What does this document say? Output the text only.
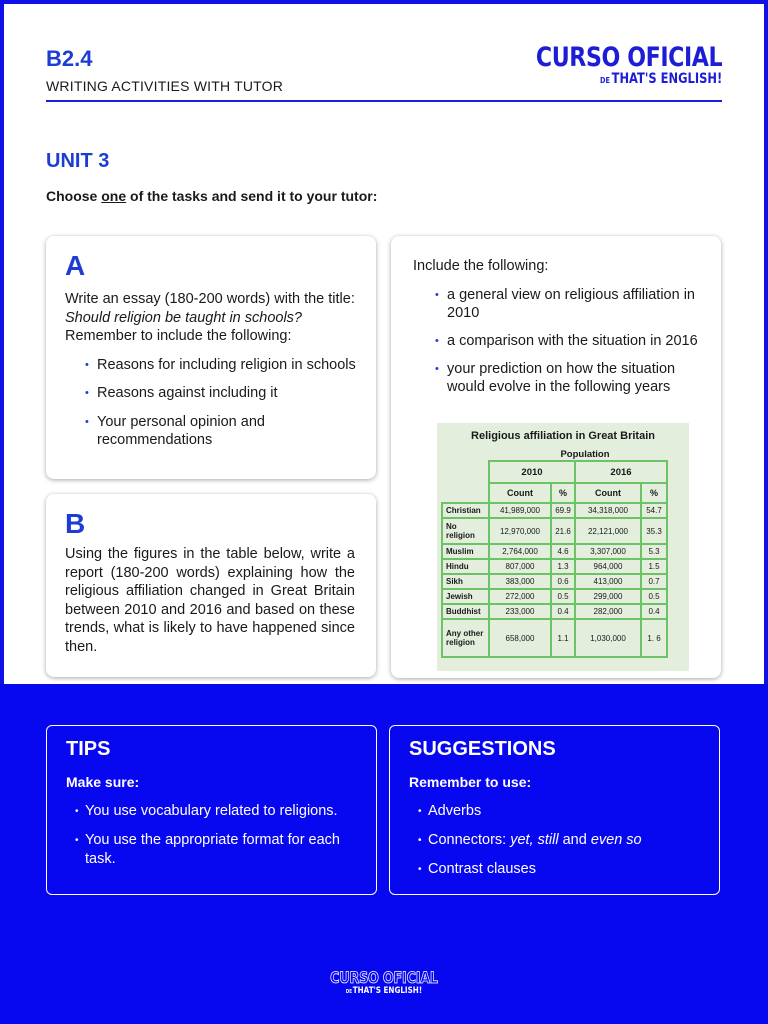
B2.4
WRITING ACTIVITIES WITH TUTOR
CURSO OFICIAL
DE THAT'S ENGLISH!
UNIT 3
Choose one of the tasks and send it to your tutor:
A
Write an essay (180-200 words) with the title: Should religion be taught in schools? Remember to include the following:
• Reasons for including religion in schools
• Reasons against including it
• Your personal opinion and recommendations
Include the following:
• a general view on religious affiliation in 2010
• a comparison with the situation in 2016
• your prediction on how the situation would evolve in the following years
B
Using the figures in the table below, write a report (180-200 words) explaining how the religious affiliation changed in Great Britain between 2010 and 2016 and based on these trends, what is likely to have happened since then.
Religious affiliation in Great Britain
Population
	2010		2016	
	Count	%	Count	%
Christian	41,989,000	69.9	34,318,000	54.7
No religion	12,970,000	21.6	22,121,000	35.3
Muslim	2,764,000	4.6	3,307,000	5.3
Hindu	807,000	1.3	964,000	1.5
Sikh	383,000	0.6	413,000	0.7
Jewish	272,000	0.5	299,000	0.5
Buddhist	233,000	0.4	282,000	0.4
Any other religion	658,000	1.1	1,030,000	1. 6
TIPS
Make sure:
• You use vocabulary related to religions.
• You use the appropriate format for each task.
SUGGESTIONS
Remember to use:
• Adverbs
• Connectors: yet, still and even so
• Contrast clauses
CURSO OFICIAL
DETHAT'S ENGLISH!
